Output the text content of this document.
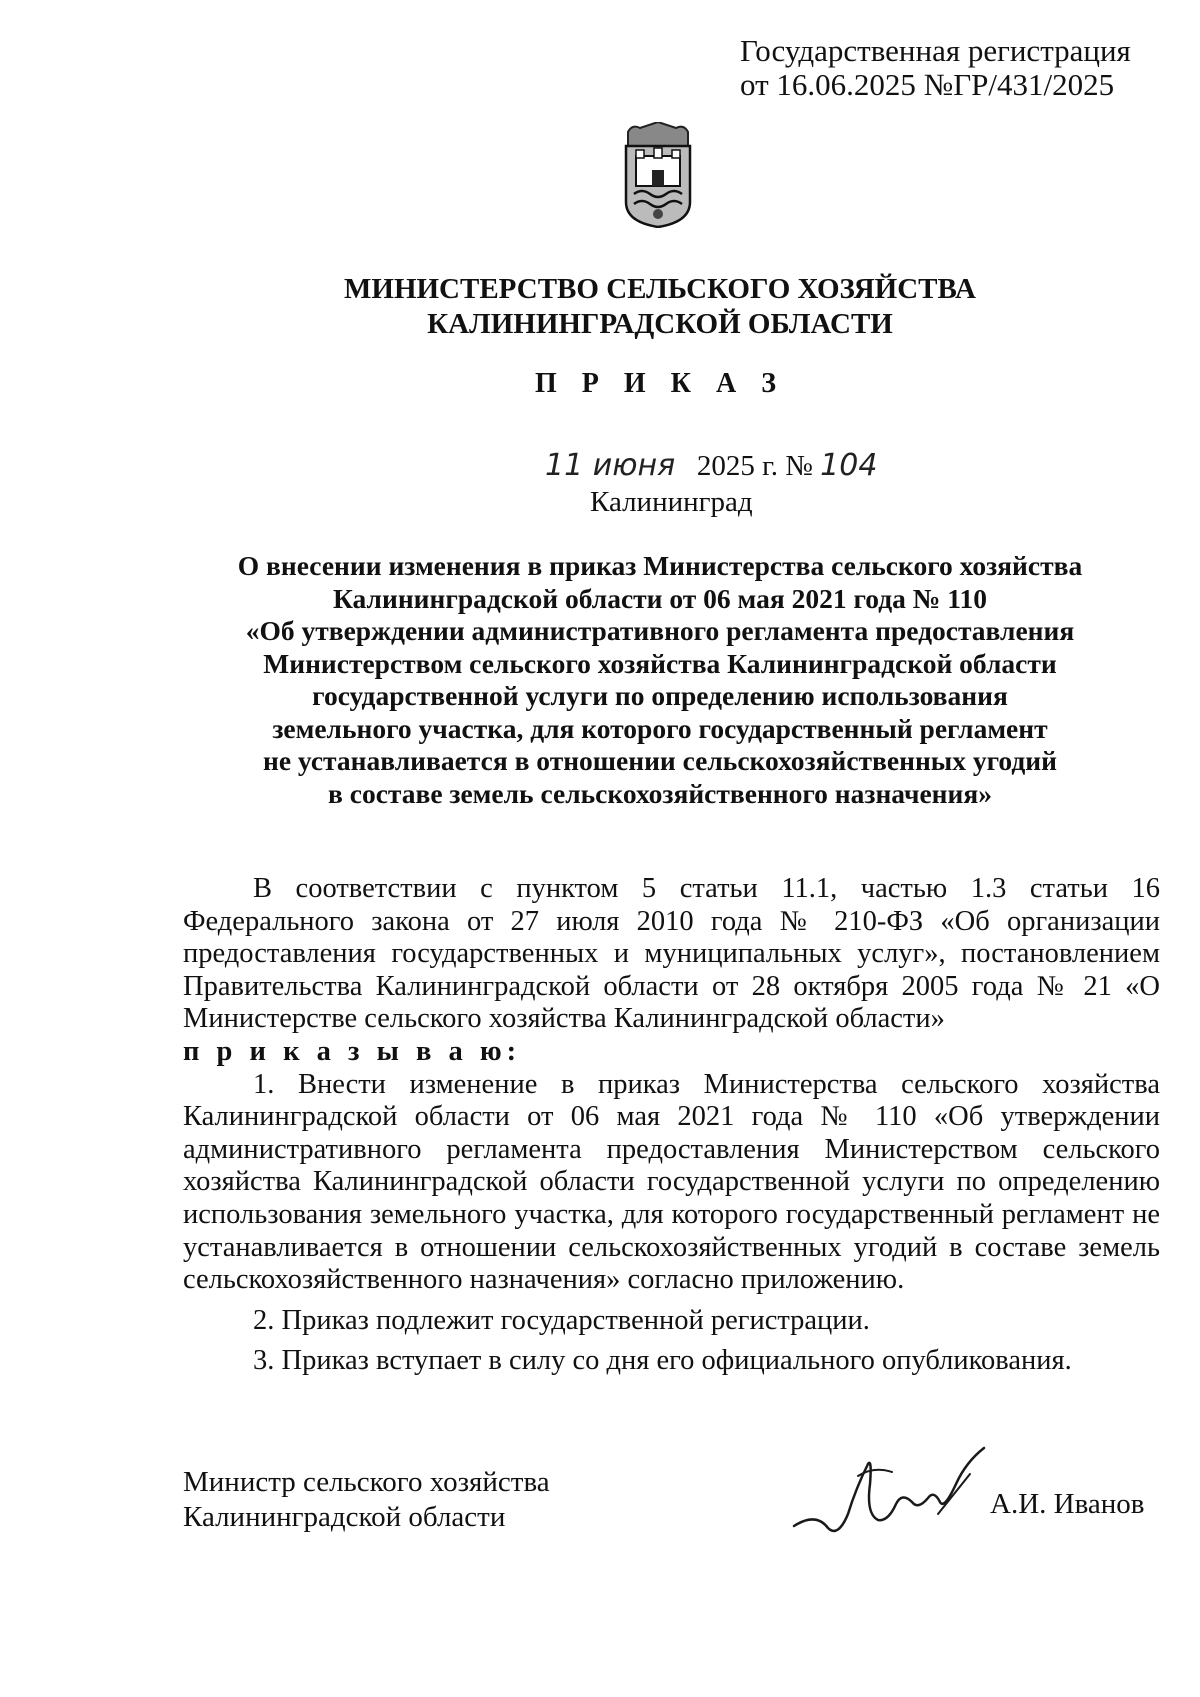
Государственная регистрация
от 16.06.2025 №ГР/431/2025
МИНИСТЕРСТВО СЕЛЬСКОГО ХОЗЯЙСТВА
КАЛИНИНГРАДСКОЙ ОБЛАСТИ
П Р И К А З
11 июня 2025 г. № 104
Калининград
О внесении изменения в приказ Министерства сельского хозяйства
Калининградской области от 06 мая 2021 года № 110
«Об утверждении административного регламента предоставления
Министерством сельского хозяйства Калининградской области
государственной услуги по определению использования
земельного участка, для которого государственный регламент
не устанавливается в отношении сельскохозяйственных угодий
в составе земель сельскохозяйственного назначения»

В соответствии с пунктом 5 статьи 11.1, частью 1.3 статьи 16 Федерального закона от 27 июля 2010 года № 210-ФЗ «Об организации предоставления государственных и муниципальных услуг», постановлением Правительства Калининградской области от 28 октября 2005 года № 21 «О Министерстве сельского хозяйства Калининградской области»

п р и к а з ы в а ю:

1. Внести изменение в приказ Министерства сельского хозяйства Калининградской области от 06 мая 2021 года № 110 «Об утверждении административного регламента предоставления Министерством сельского хозяйства Калининградской области государственной услуги по определению использования земельного участка, для которого государственный регламент не устанавливается в отношении сельскохозяйственных угодий в составе земель сельскохозяйственного назначения» согласно приложению.

2. Приказ подлежит государственной регистрации.

3. Приказ вступает в силу со дня его официального опубликования.

Министр сельского хозяйства
Калининградской области	А.И. Иванов
